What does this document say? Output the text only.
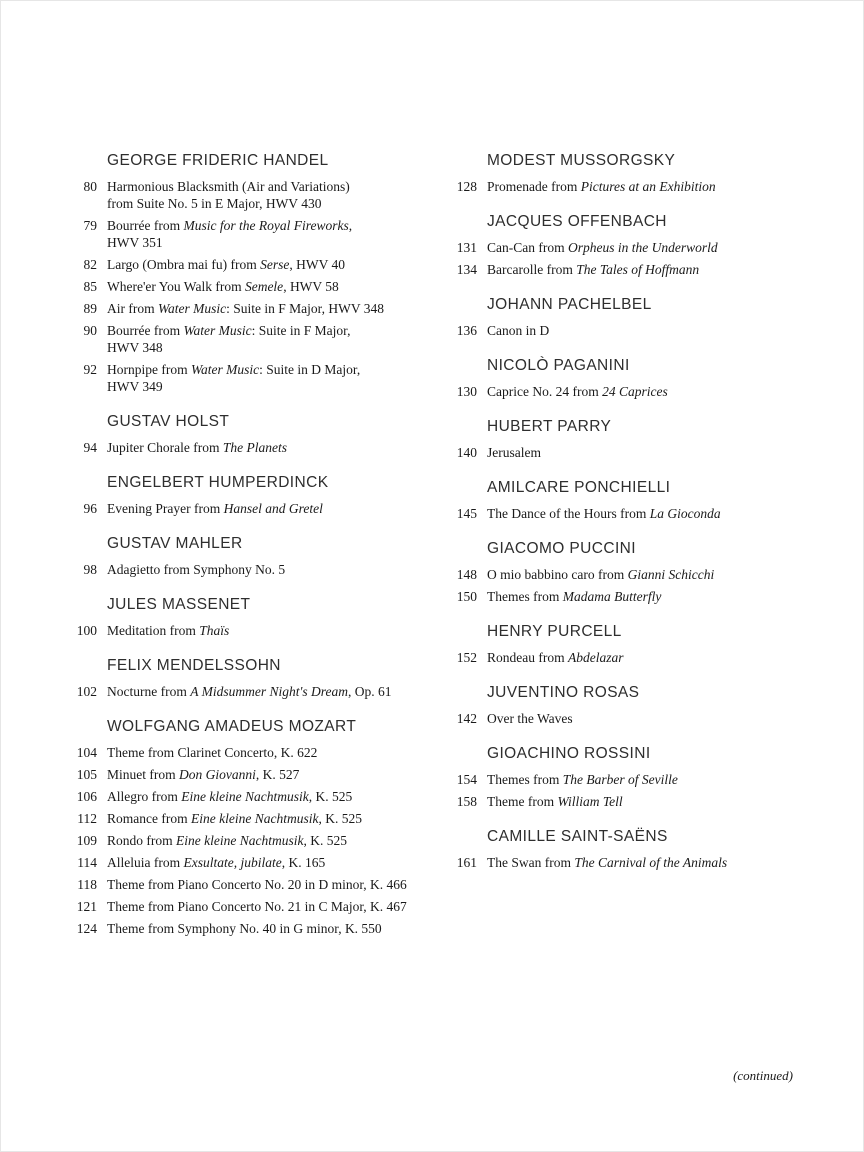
GEORGE FRIDERIC HANDEL
80 Harmonious Blacksmith (Air and Variations)
from Suite No. 5 in E Major, HWV 430
79 Bourrée from Music for the Royal Fireworks,
HWV 351
82 Largo (Ombra mai fu) from Serse, HWV 40
85 Where'er You Walk from Semele, HWV 58
89 Air from Water Music: Suite in F Major, HWV 348
90 Bourrée from Water Music: Suite in F Major,
HWV 348
92 Hornpipe from Water Music: Suite in D Major,
HWV 349
GUSTAV HOLST
94 Jupiter Chorale from The Planets
ENGELBERT HUMPERDINCK
96 Evening Prayer from Hansel and Gretel
GUSTAV MAHLER
98 Adagietto from Symphony No. 5
JULES MASSENET
100 Meditation from Thaïs
FELIX MENDELSSOHN
102 Nocturne from A Midsummer Night's Dream, Op. 61
WOLFGANG AMADEUS MOZART
104 Theme from Clarinet Concerto, K. 622
105 Minuet from Don Giovanni, K. 527
106 Allegro from Eine kleine Nachtmusik, K. 525
112 Romance from Eine kleine Nachtmusik, K. 525
109 Rondo from Eine kleine Nachtmusik, K. 525
114 Alleluia from Exsultate, jubilate, K. 165
118 Theme from Piano Concerto No. 20 in D minor, K. 466
121 Theme from Piano Concerto No. 21 in C Major, K. 467
124 Theme from Symphony No. 40 in G minor, K. 550
MODEST MUSSORGSKY
128 Promenade from Pictures at an Exhibition
JACQUES OFFENBACH
131 Can-Can from Orpheus in the Underworld
134 Barcarolle from The Tales of Hoffmann
JOHANN PACHELBEL
136 Canon in D
NICOLÒ PAGANINI
130 Caprice No. 24 from 24 Caprices
HUBERT PARRY
140 Jerusalem
AMILCARE PONCHIELLI
145 The Dance of the Hours from La Gioconda
GIACOMO PUCCINI
148 O mio babbino caro from Gianni Schicchi
150 Themes from Madama Butterfly
HENRY PURCELL
152 Rondeau from Abdelazar
JUVENTINO ROSAS
142 Over the Waves
GIOACHINO ROSSINI
154 Themes from The Barber of Seville
158 Theme from William Tell
CAMILLE SAINT-SAËNS
161 The Swan from The Carnival of the Animals
(continued)
